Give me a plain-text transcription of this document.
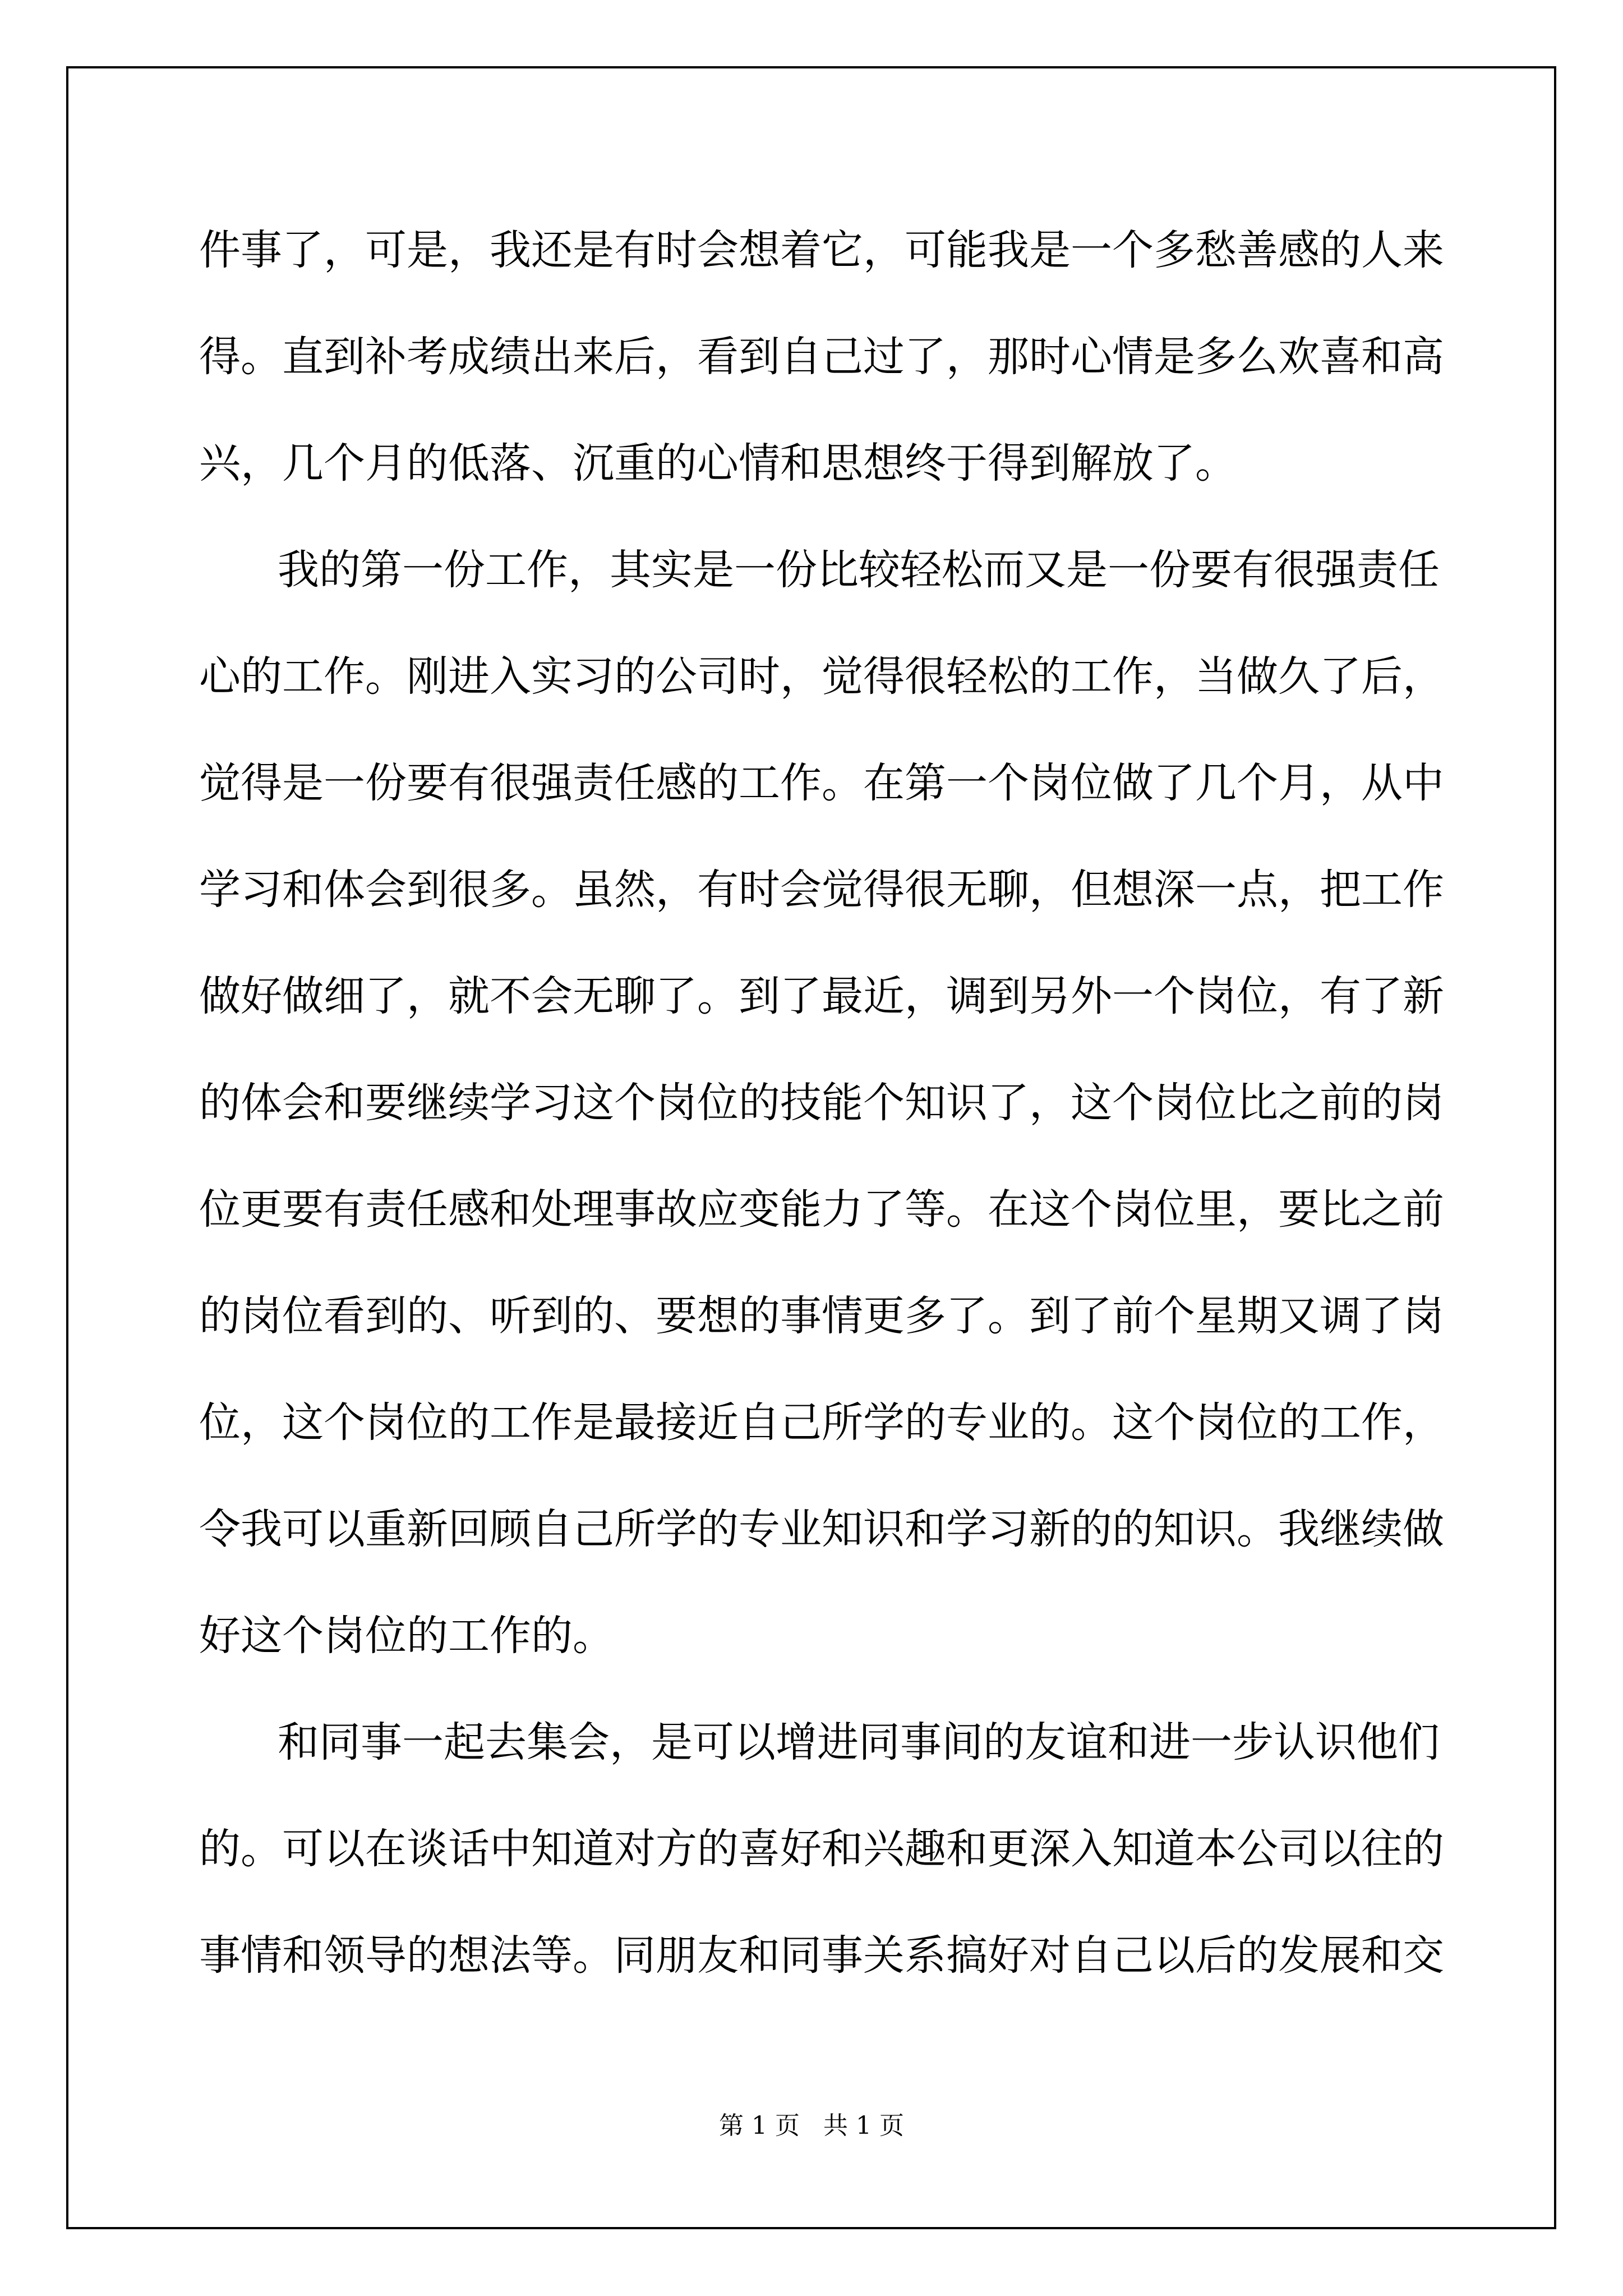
件事了，可是，我还是有时会想着它，可能我是一个多愁善感的人来
得。直到补考成绩出来后，看到自己过了，那时心情是多么欢喜和高
兴，几个月的低落、沉重的心情和思想终于得到解放了。
我的第一份工作，其实是一份比较轻松而又是一份要有很强责任
心的工作。刚进入实习的公司时，觉得很轻松的工作，当做久了后，
觉得是一份要有很强责任感的工作。在第一个岗位做了几个月，从中
学习和体会到很多。虽然，有时会觉得很无聊，但想深一点，把工作
做好做细了，就不会无聊了。到了最近，调到另外一个岗位，有了新
的体会和要继续学习这个岗位的技能个知识了，这个岗位比之前的岗
位更要有责任感和处理事故应变能力了等。在这个岗位里，要比之前
的岗位看到的、听到的、要想的事情更多了。到了前个星期又调了岗
位，这个岗位的工作是最接近自己所学的专业的。这个岗位的工作，
令我可以重新回顾自己所学的专业知识和学习新的的知识。我继续做
好这个岗位的工作的。
和同事一起去集会，是可以增进同事间的友谊和进一步认识他们
的。可以在谈话中知道对方的喜好和兴趣和更深入知道本公司以往的
事情和领导的想法等。同朋友和同事关系搞好对自己以后的发展和交
第 1 页   共 1 页
